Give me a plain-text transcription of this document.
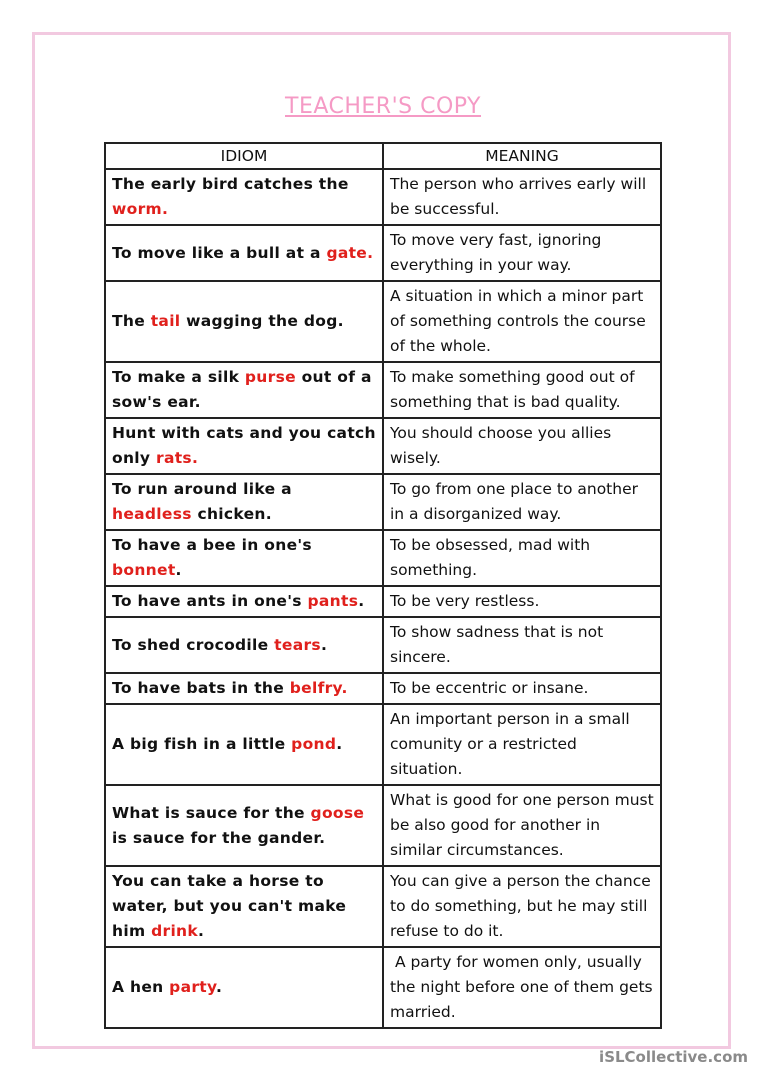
TEACHER'S COPY
IDIOM	MEANING
The early bird catches the worm.	The person who arrives early will be successful.
To move like a bull at a gate.	To move very fast, ignoring everything in your way.
The tail wagging the dog.	A situation in which a minor part of something controls the course of the whole.
To make a silk purse out of a sow's ear.	To make something good out of something that is bad quality.
Hunt with cats and you catch only rats.	You should choose you allies wisely.
To run around like a headless chicken.	To go from one place to another in a disorganized way.
To have a bee in one's bonnet.	To be obsessed, mad with something.
To have ants in one's pants.	To be very restless.
To shed crocodile tears.	To show sadness that is not sincere.
To have bats in the belfry.	To be eccentric or insane.
A big fish in a little pond.	An important person in a small comunity or a restricted situation.
What is sauce for the goose is sauce for the gander.	What is good for one person must be also good for another in similar circumstances.
You can take a horse to water, but you can't make him drink.	You can give a person the chance to do something, but he may still refuse to do it.
A hen party.	A party for women only, usually the night before one of them gets married.
iSLCollective.com
